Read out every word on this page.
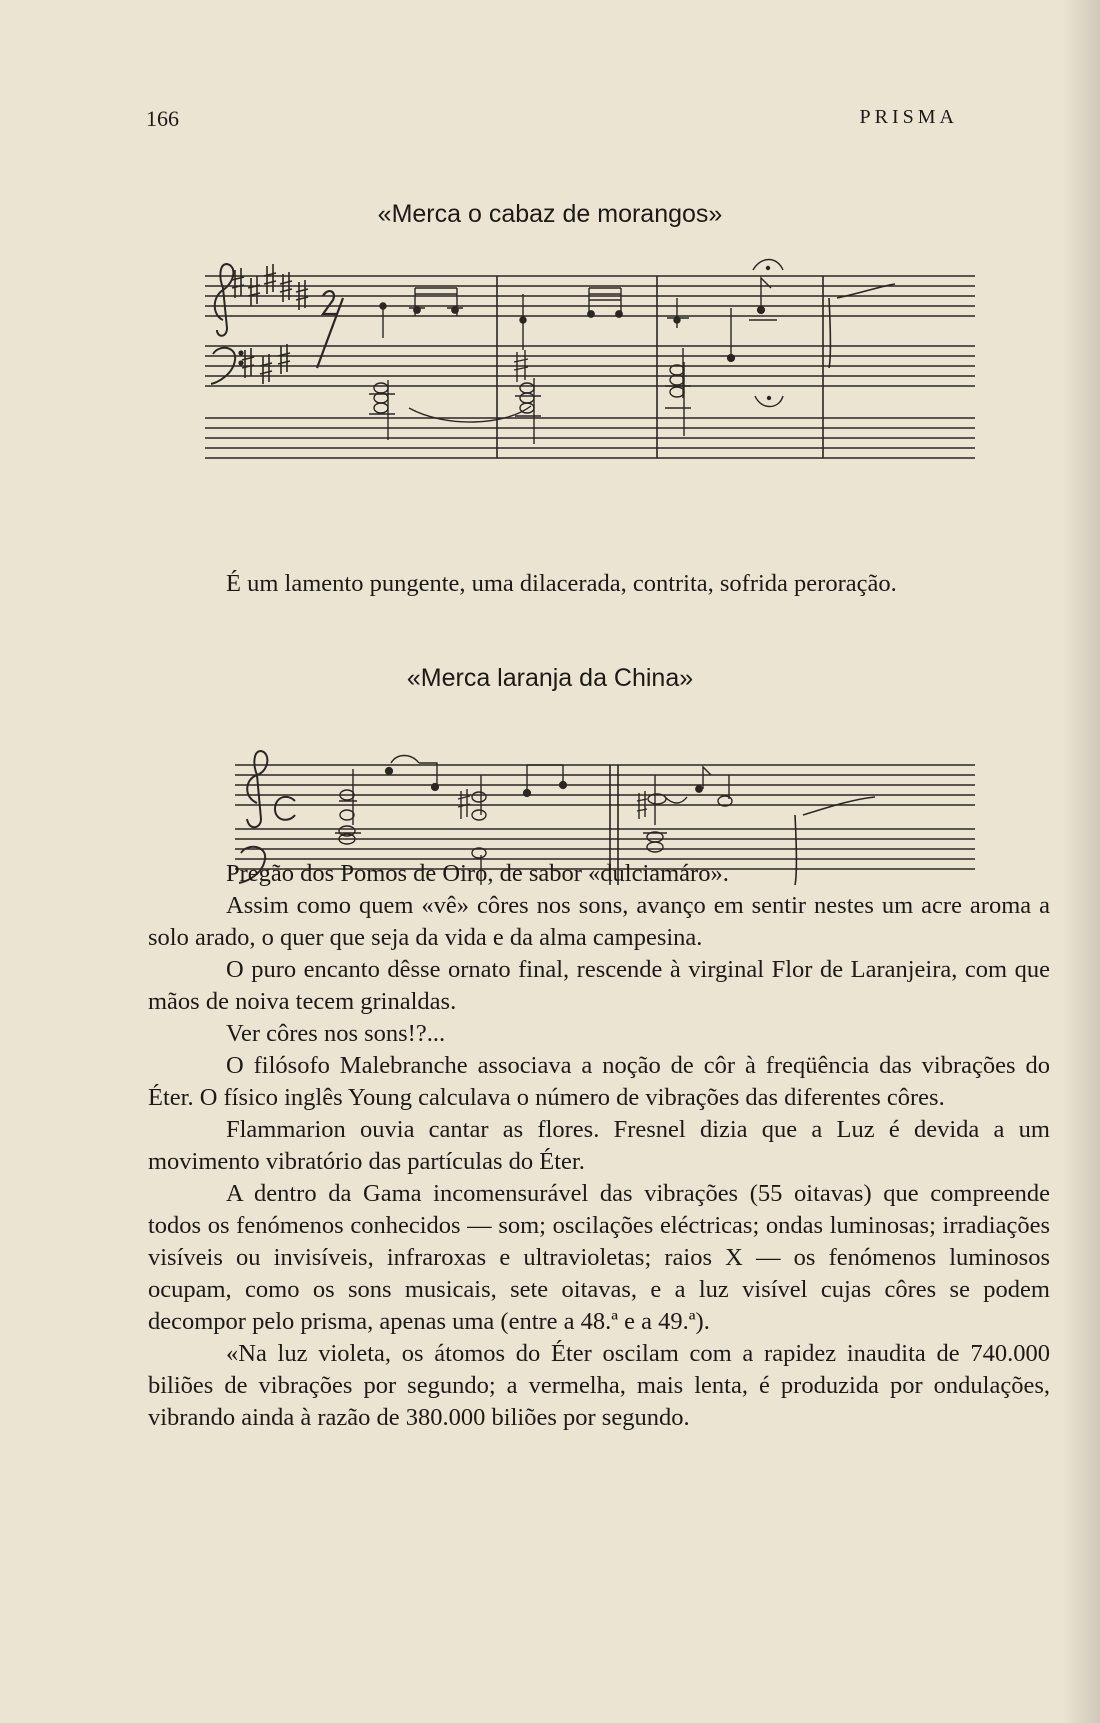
166	PRISMA
«Merca o cabaz de morangos»
É um lamento pungente, uma dilacerada, contrita, sofrida peroração.
«Merca laranja da China»

Pregão dos Pomos de Oiro, de sabor «dulciamáro».

Assim como quem «vê» côres nos sons, avanço em sentir nestes um acre aroma a solo arado, o quer que seja da vida e da alma campesina.

O puro encanto dêsse ornato final, rescende à virginal Flor de Laranjeira, com que mãos de noiva tecem grinaldas.

Ver côres nos sons!?...

O filósofo Malebranche associava a noção de côr à freqüência das vibrações do Éter. O físico inglês Young calculava o número de vibrações das diferentes côres.

Flammarion ouvia cantar as flores. Fresnel dizia que a Luz é devida a um movimento vibratório das partículas do Éter.

A dentro da Gama incomensurável das vibrações (55 oitavas) que compreende todos os fenómenos conhecidos — som; oscilações eléctricas; ondas luminosas; irradiações visíveis ou invisíveis, infraroxas e ultravioletas; raios X — os fenómenos luminosos ocupam, como os sons musicais, sete oitavas, e a luz visível cujas côres se podem decompor pelo prisma, apenas uma (entre a 48.ª e a 49.ª).

«Na luz violeta, os átomos do Éter oscilam com a rapidez inaudita de 740.000 biliões de vibrações por segundo; a vermelha, mais lenta, é produzida por ondulações, vibrando ainda à razão de 380.000 biliões por segundo.
